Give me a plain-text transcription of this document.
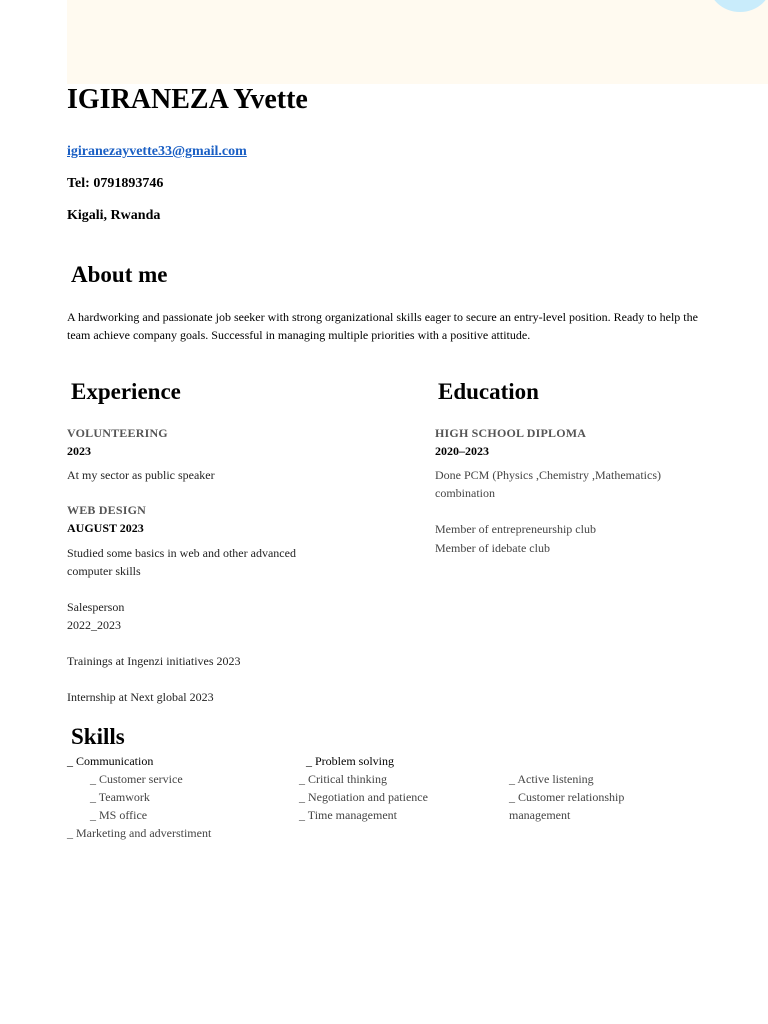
IGIRANEZA Yvette
igiranezayvette33@gmail.com
Tel: 0791893746
Kigali, Rwanda
About me
A hardworking and passionate job seeker with strong organizational skills eager to secure an entry-level position. Ready to help the team achieve company goals. Successful in managing multiple priorities with a positive attitude.
Experience
VOLUNTEERING
2023
At my sector as public speaker
WEB DESIGN
AUGUST 2023
Studied some basics in web and other advanced
computer skills
Salesperson
2022_2023
Trainings at Ingenzi initiatives 2023
Internship at Next global 2023
Education
HIGH SCHOOL DIPLOMA
2020–2023
Done PCM (Physics ,Chemistry ,Mathematics)
combination
Member of entrepreneurship club
Member of idebate club
Skills
_ Communication
_ Customer service
_ Teamwork
_ MS office
_ Marketing and adverstiment
_ Problem solving
_ Critical thinking
_ Negotiation and patience
_ Time management
_ Active listening
_ Customer relationship
management
